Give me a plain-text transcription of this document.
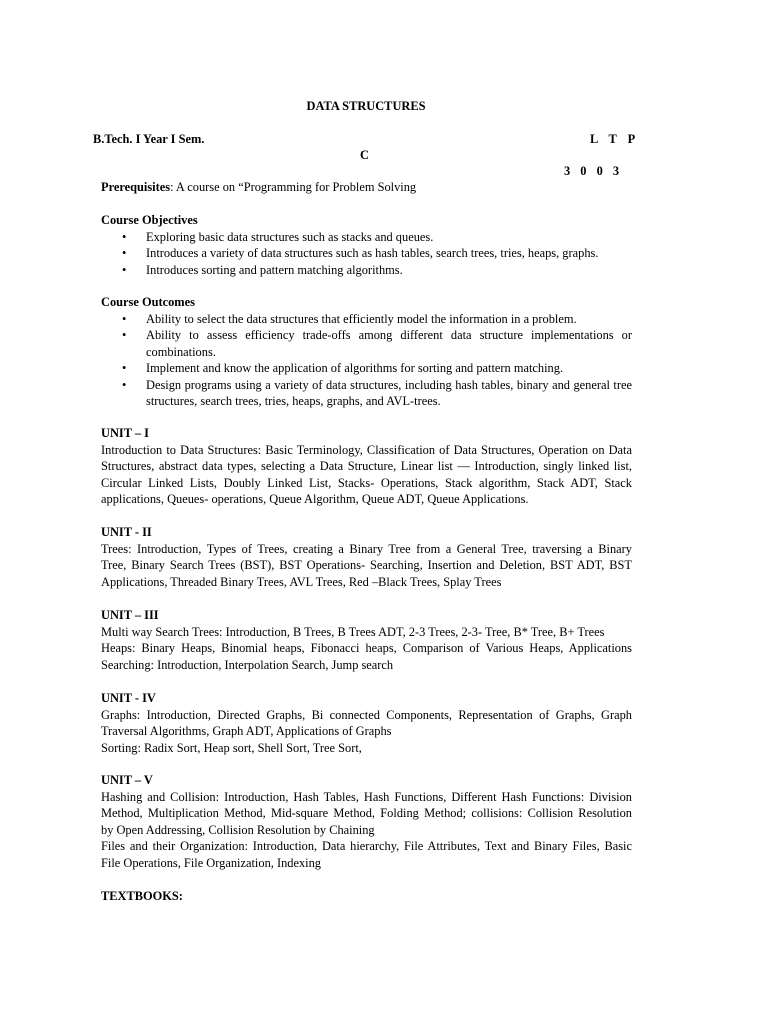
DATA STRUCTURES
B.Tech. I Year I Sem.	L T P
C
3 0 0 3
Prerequisites: A course on “Programming for Problem Solving
Course Objectives
• Exploring basic data structures such as stacks and queues.
• Introduces a variety of data structures such as hash tables, search trees, tries, heaps, graphs.
• Introduces sorting and pattern matching algorithms.
Course Outcomes
• Ability to select the data structures that efficiently model the information in a problem.
• Ability to assess efficiency trade-offs among different data structure implementations or combinations.
• Implement and know the application of algorithms for sorting and pattern matching.
• Design programs using a variety of data structures, including hash tables, binary and general tree structures, search trees, tries, heaps, graphs, and AVL-trees.
UNIT – I
Introduction to Data Structures: Basic Terminology, Classification of Data Structures, Operation on Data
Structures, abstract data types, selecting a Data Structure, Linear list — Introduction, singly linked list,
Circular Linked Lists, Doubly Linked List, Stacks- Operations, Stack algorithm, Stack ADT, Stack
applications, Queues- operations, Queue Algorithm, Queue ADT, Queue Applications.
UNIT - II
Trees: Introduction, Types of Trees, creating a Binary Tree from a General Tree, traversing a Binary
Tree, Binary Search Trees (BST), BST Operations- Searching, Insertion and Deletion, BST ADT, BST
Applications, Threaded Binary Trees, AVL Trees, Red –Black Trees, Splay Trees
UNIT – III
Multi way Search Trees: Introduction, B Trees, B Trees ADT, 2-3 Trees, 2-3- Tree, B* Tree, B+ Trees
Heaps: Binary Heaps, Binomial heaps, Fibonacci heaps, Comparison of Various Heaps, Applications
Searching: Introduction, Interpolation Search, Jump search
UNIT - IV
Graphs: Introduction, Directed Graphs, Bi connected Components, Representation of Graphs, Graph
Traversal Algorithms, Graph ADT, Applications of Graphs
Sorting: Radix Sort, Heap sort, Shell Sort, Tree Sort,
UNIT – V
Hashing and Collision: Introduction, Hash Tables, Hash Functions, Different Hash Functions: Division
Method, Multiplication Method, Mid-square Method, Folding Method; collisions: Collision Resolution
by Open Addressing, Collision Resolution by Chaining
Files and their Organization: Introduction, Data hierarchy, File Attributes, Text and Binary Files, Basic
File Operations, File Organization, Indexing
TEXTBOOKS:
